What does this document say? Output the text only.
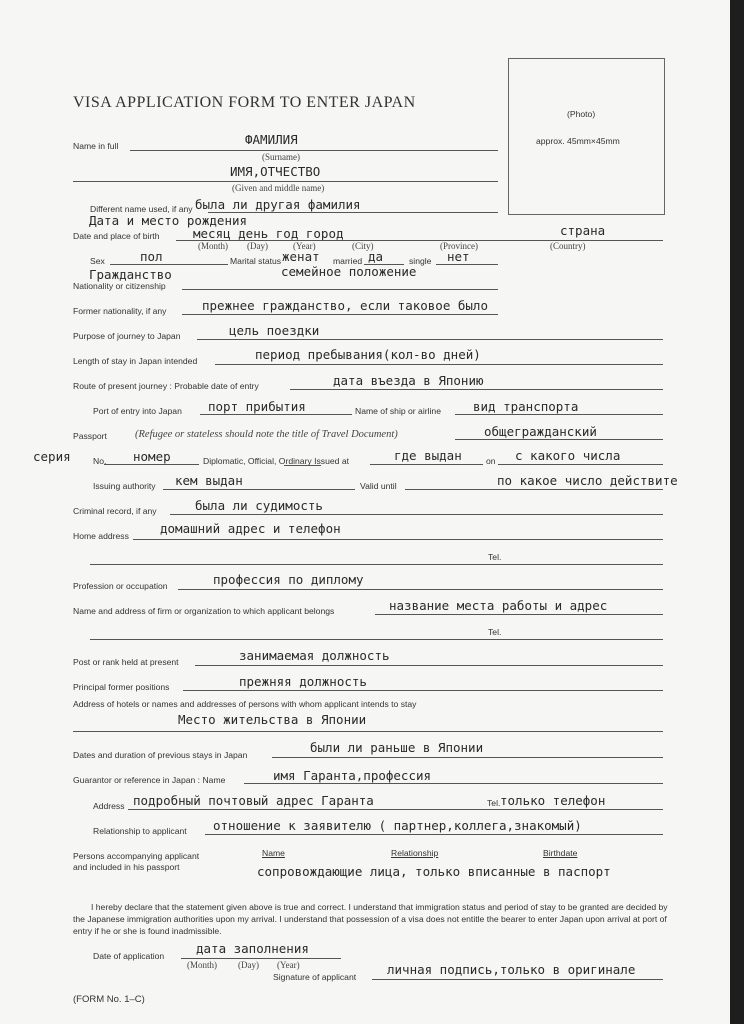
VISA APPLICATION FORM TO ENTER JAPAN
(Photo)
approx. 45mm×45mm
Name in full	ФАМИЛИЯ
(Surname)
ИМЯ,ОТЧЕСТВО
(Given and middle name)
Different name used, if any была ли другая фамилия
Дата и место рождения
Date and place of birth	месяц день год город	страна
(Month) (Day)	(Year)	(City)	(Province)	(Country)
Sex	пол	Marital status женат married да	single нет
семейное положение
Гражданство
Nationality or citizenship
Former nationality, if any	прежнее гражданство, если таковое было
Purpose of journey to Japan	цель поездки
Length of stay in Japan intended	период пребывания(кол-во дней)
Route of present journey : Probable date of entry	дата въезда в Японию
Port of entry into Japan порт прибытия	Name of ship or airline	вид транспорта
Passport	(Refugee or stateless should note the title of Travel Document)	общегражданский
серия	No. номер	Diplomatic, Official, Ordinary Issued at	где выдан	on с какого числа
Issuing authority кем выдан	Valid until	по какое число действите
Criminal record, if any	была ли судимость
Home address домашний адрес и телефон
Tel.
Profession or occupation	профессия по диплому
Name and address of firm or organization to which applicant belongs	название места работы и адрес
Tel.
Post or rank held at present	занимаемая должность
Principal former positions	прежняя должность
Address of hotels or names and addresses of persons with whom applicant intends to stay
Место жительства в Японии
Dates and duration of previous stays in Japan	были ли раньше в Японии
Guarantor or reference in Japan : Name	имя Гаранта,профессия
Address подробный почтовый адрес Гаранта	Tel. только телефон
Relationship to applicant отношение к заявителю ( партнер,коллега,знакомый)
Persons accompanying applicant
and included in his passport
Name	Relationship	Birthdate
сопровождающие лица, только вписанные в паспорт
I hereby declare that the statement given above is true and correct. I understand that immigration status and period of stay to be granted are decided by the Japanese immigration authorities upon my arrival. I understand that possession of a visa does not entitle the bearer to enter Japan upon arrival at port of entry if he or she is found inadmissible.
Date of application	дата заполнения
(Month) (Day) (Year)
Signature of applicant личная подпись,только в оригинале
(FORM No. 1–C)
